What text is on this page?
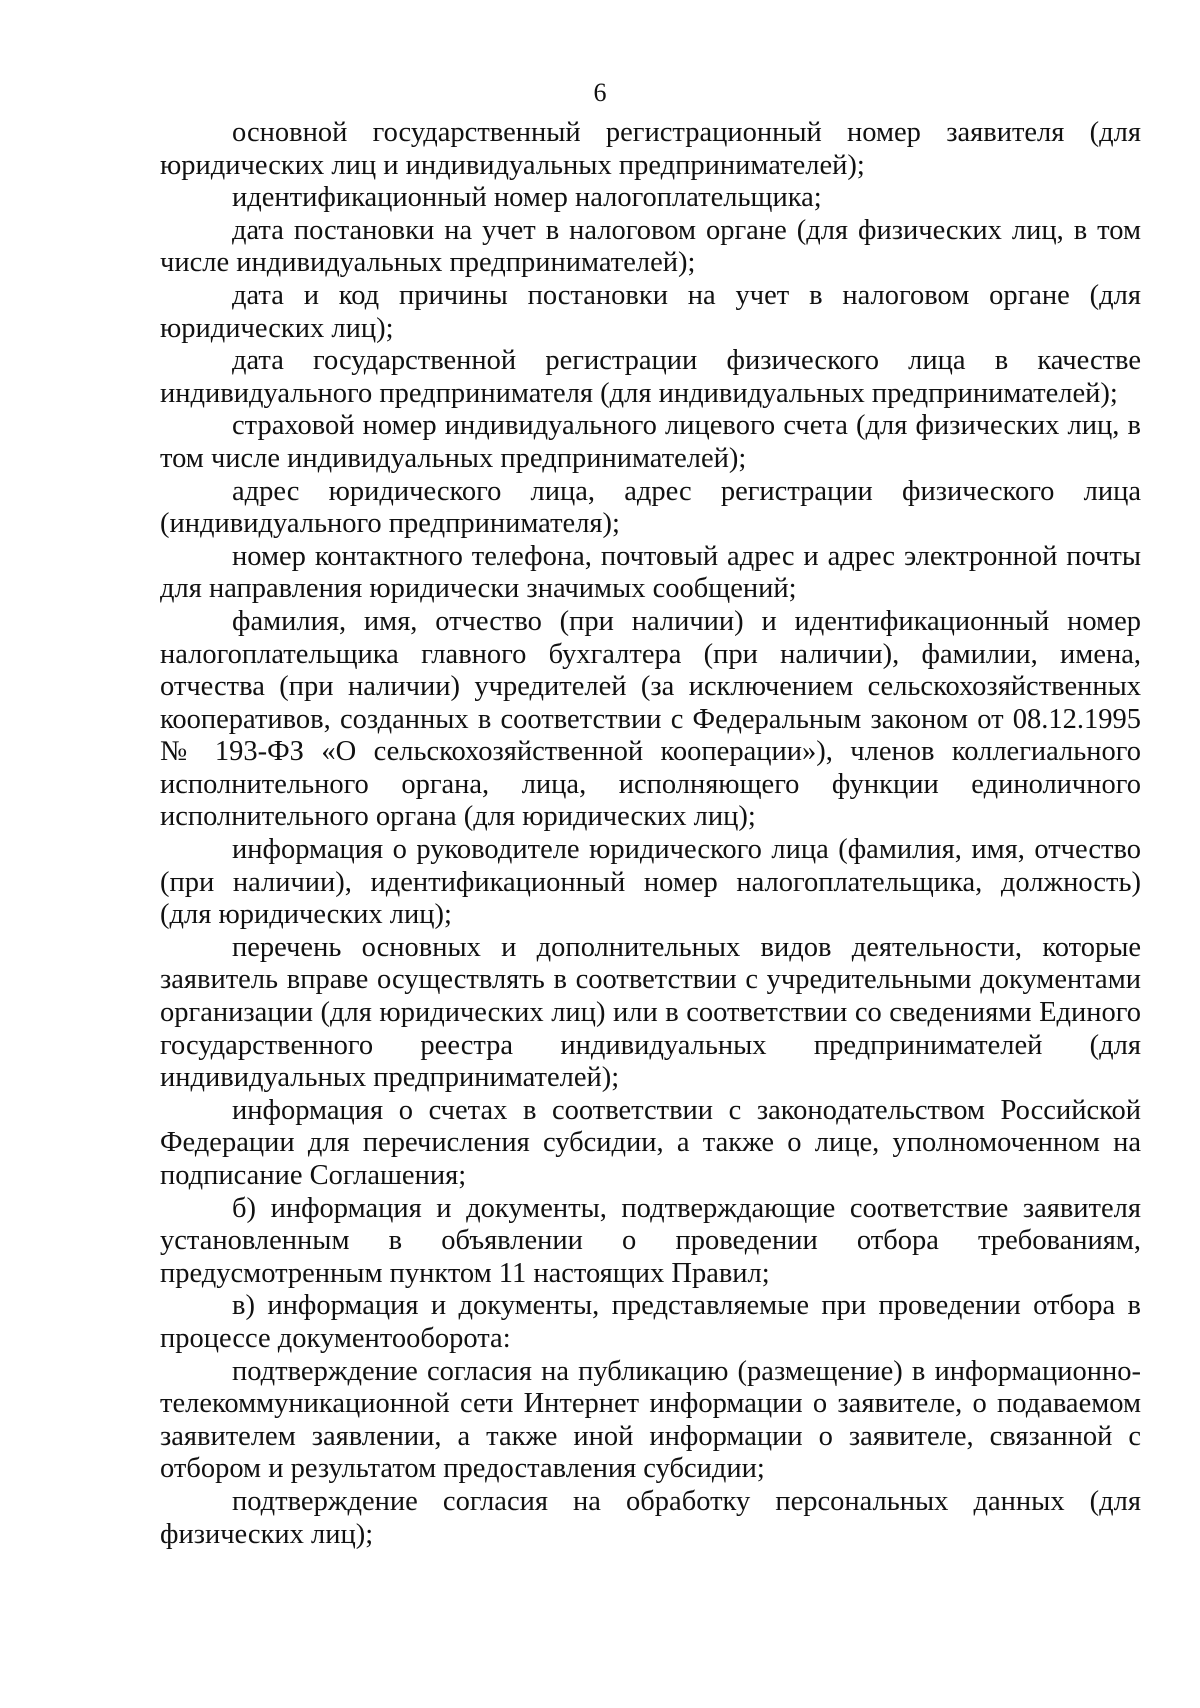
6

основной государственный регистрационный номер заявителя (для юридических лиц и индивидуальных предпринимателей);

идентификационный номер налогоплательщика;

дата постановки на учет в налоговом органе (для физических лиц, в том числе индивидуальных предпринимателей);

дата и код причины постановки на учет в налоговом органе (для юридических лиц);

дата государственной регистрации физического лица в качестве индивидуального предпринимателя (для индивидуальных предпринимателей);

страховой номер индивидуального лицевого счета (для физических лиц, в том числе индивидуальных предпринимателей);

адрес юридического лица, адрес регистрации физического лица (индивидуального предпринимателя);

номер контактного телефона, почтовый адрес и адрес электронной почты для направления юридически значимых сообщений;

фамилия, имя, отчество (при наличии) и идентификационный номер налогоплательщика главного бухгалтера (при наличии), фамилии, имена, отчества (при наличии) учредителей (за исключением сельскохозяйственных кооперативов, созданных в соответствии с Федеральным законом от 08.12.1995 № 193-ФЗ «О сельскохозяйственной кооперации»), членов коллегиального исполнительного органа, лица, исполняющего функции единоличного исполнительного органа (для юридических лиц);

информация о руководителе юридического лица (фамилия, имя, отчество (при наличии), идентификационный номер налогоплательщика, должность) (для юридических лиц);

перечень основных и дополнительных видов деятельности, которые заявитель вправе осуществлять в соответствии с учредительными документами организации (для юридических лиц) или в соответствии со сведениями Единого государственного реестра индивидуальных предпринимателей (для индивидуальных предпринимателей);

информация о счетах в соответствии с законодательством Российской Федерации для перечисления субсидии, а также о лице, уполномоченном на подписание Соглашения;

б) информация и документы, подтверждающие соответствие заявителя установленным в объявлении о проведении отбора требованиям, предусмотренным пунктом 11 настоящих Правил;

в) информация и документы, представляемые при проведении отбора в процессе документооборота:

подтверждение согласия на публикацию (размещение) в информационно-телекоммуникационной сети Интернет информации о заявителе, о подаваемом заявителем заявлении, а также иной информации о заявителе, связанной с отбором и результатом предоставления субсидии;

подтверждение согласия на обработку персональных данных (для физических лиц);
